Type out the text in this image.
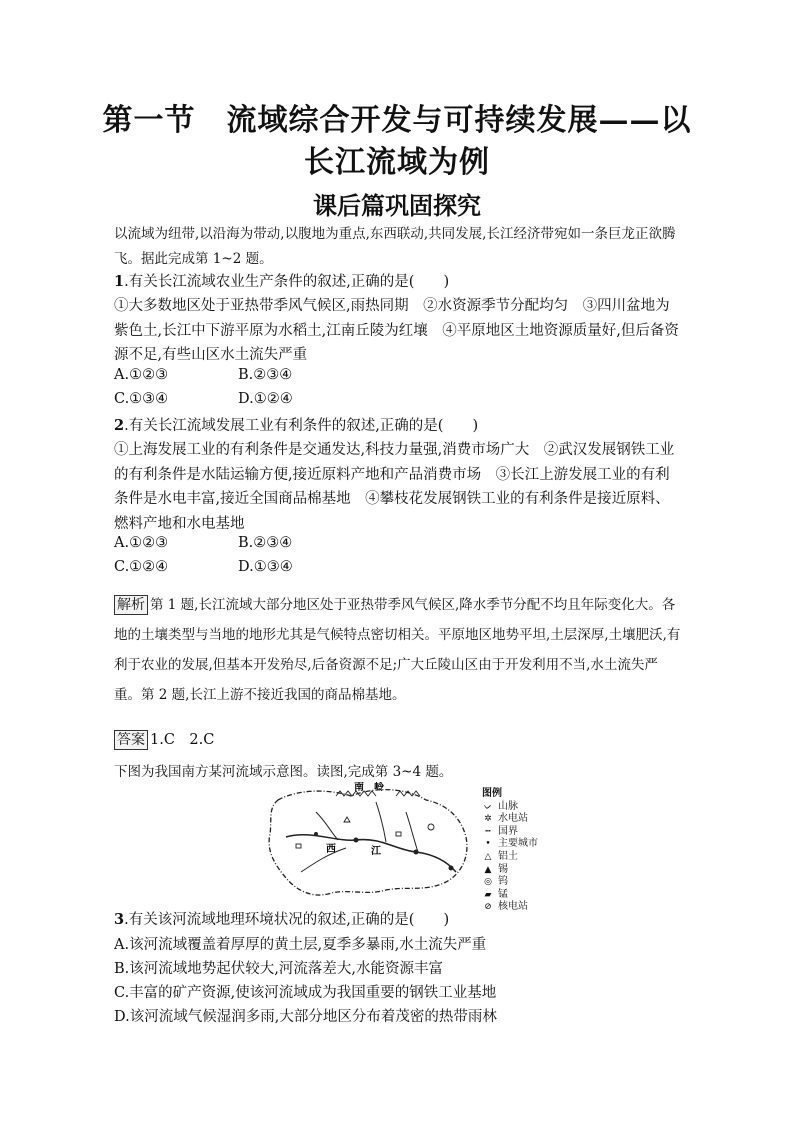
第一节　流域综合开发与可持续发展——以
长江流域为例
课后篇巩固探究
以流域为纽带,以沿海为带动,以腹地为重点,东西联动,共同发展,长江经济带宛如一条巨龙正欲腾飞。据此完成第 1~2 题。
1.有关长江流域农业生产条件的叙述,正确的是(　　)
①大多数地区处于亚热带季风气候区,雨热同期　②水资源季节分配均匀　③四川盆地为紫色土,长江中下游平原为水稻土,江南丘陵为红壤　④平原地区土地资源质量好,但后备资源不足,有些山区水土流失严重
A.①②③	B.②③④
C.①③④	D.①②④
2.有关长江流域发展工业有利条件的叙述,正确的是(　　)
①上海发展工业的有利条件是交通发达,科技力量强,消费市场广大　②武汉发展钢铁工业的有利条件是水陆运输方便,接近原料产地和产品消费市场　③长江上游发展工业的有利条件是水电丰富,接近全国商品棉基地　④攀枝花发展钢铁工业的有利条件是接近原料、燃料产地和水电基地
A.①②③	B.②③④
C.①②④	D.①③④
解析 第 1 题,长江流域大部分地区处于亚热带季风气候区,降水季节分配不均且年际变化大。各地的土壤类型与当地的地形尤其是气候特点密切相关。平原地区地势平坦,土层深厚,土壤肥沃,有利于农业的发展,但基本开发殆尽,后备资源不足;广大丘陵山区由于开发利用不当,水土流失严重。第 2 题,长江上游不接近我国的商品棉基地。
答案 1.C　2.C
下图为我国南方某河流域示意图。读图,完成第 3~4 题。
南　岭
西	江
图例
ᨆ 山脉
✲ 水电站
┅ 国界
• 主要城市
△ 铝土
▲ 锡
◎ 钨
▰ 锰
⊘ 核电站
3.有关该河流域地理环境状况的叙述,正确的是(　　)
A.该河流域覆盖着厚厚的黄土层,夏季多暴雨,水土流失严重
B.该河流域地势起伏较大,河流落差大,水能资源丰富
C.丰富的矿产资源,使该河流域成为我国重要的钢铁工业基地
D.该河流域气候湿润多雨,大部分地区分布着茂密的热带雨林
